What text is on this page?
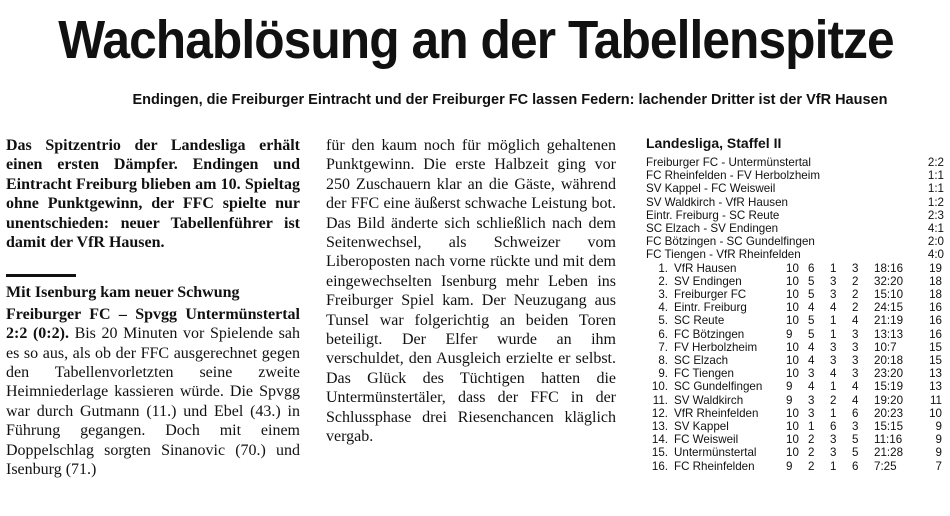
Wachablösung an der Tabellenspitze
Endingen, die Freiburger Eintracht und der Freiburger FC lassen Federn: lachender Dritter ist der VfR Hausen

Das Spitzentrio der Landesliga erhält einen ersten Dämpfer. Endingen und Eintracht Freiburg blieben am 10. Spieltag ohne Punktgewinn, der FFC spielte nur unentschieden: neuer Tabellenführer ist damit der VfR Hausen.

Mit Isenburg kam neuer Schwung

Freiburger FC – Spvgg Untermünstertal 2:2 (0:2). Bis 20 Minuten vor Spielende sah es so aus, als ob der FFC ausgerechnet gegen den Tabellenvorletzten seine zweite Heimniederlage kassieren würde. Die Spvgg war durch Gutmann (11.) und Ebel (43.) in Führung gegangen. Doch mit einem Doppelschlag sorgten Sinanovic (70.) und Isenburg (71.)

für den kaum noch für möglich gehaltenen Punktgewinn. Die erste Halbzeit ging vor 250 Zuschauern klar an die Gäste, während der FFC eine äußerst schwache Leistung bot. Das Bild änderte sich schließlich nach dem Seitenwechsel, als Schweizer vom Liberoposten nach vorne rückte und mit dem eingewechselten Isenburg mehr Leben ins Freiburger Spiel kam. Der Neuzugang aus Tunsel war folgerichtig an beiden Toren beteiligt. Der Elfer wurde an ihm verschuldet, den Ausgleich erzielte er selbst. Das Glück des Tüchtigen hatten die Untermünstertäler, dass der FFC in der Schlussphase drei Riesenchancen kläglich vergab.

Landesliga, Staffel II
Freiburger FC - Untermünstertal	2:2
FC Rheinfelden - FV Herbolzheim	1:1
SV Kappel - FC Weisweil	1:1
SV Waldkirch - VfR Hausen	1:2
Eintr. Freiburg - SC Reute	2:3
SC Elzach - SV Endingen	4:1
FC Bötzingen - SC Gundelfingen	2:0
FC Tiengen - VfR Rheinfelden	4:0
1. VfR Hausen	10 6	1	3	18:16	19
2. SV Endingen	10 5	3	2	32:20	18
3. Freiburger FC	10 5	3	2	15:10	18
4. Eintr. Freiburg	10 4	4	2	24:15	16
5. SC Reute	10 5	1	4	21:19	16
6. FC Bötzingen	9	5	1	3	13:13	16
7. FV Herbolzheim	10 4	3	3	10:7	15
8. SC Elzach	10 4	3	3	20:18	15
9. FC Tiengen	10 3	4	3	23:20	13
10. SC Gundelfingen	9	4	1	4	15:19	13
11. SV Waldkirch	9	3	2	4	19:20	11
12. VfR Rheinfelden	10 3	1	6	20:23	10
13. SV Kappel	10 1	6	3	15:15	9
14. FC Weisweil	10 2	3	5	11:16	9
15. Untermünstertal	10 2	3	5	21:28	9
16. FC Rheinfelden	9	2	1	6	7:25	7
